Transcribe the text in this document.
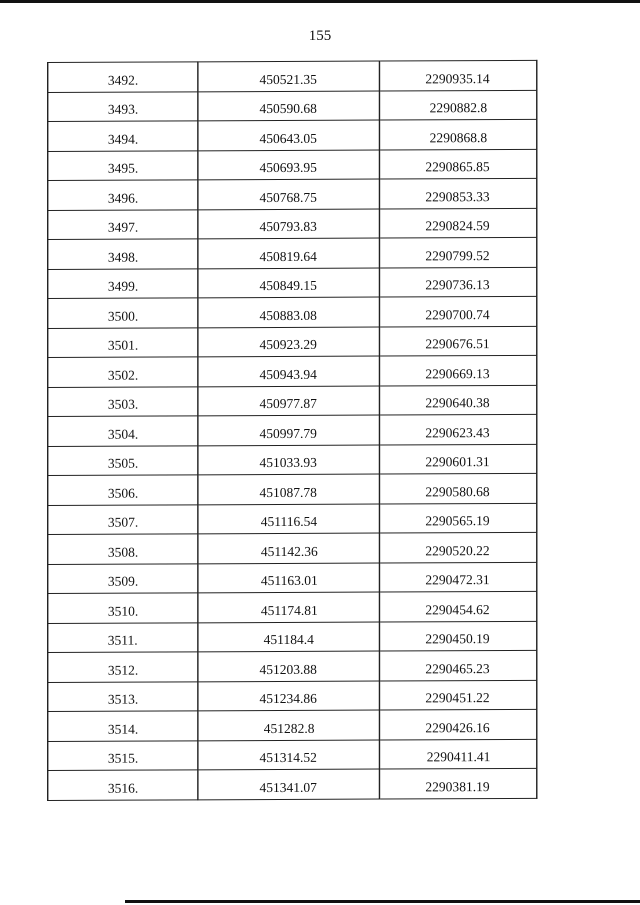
155
3492.	450521.35	2290935.14
3493.	450590.68	2290882.8
3494.	450643.05	2290868.8
3495.	450693.95	2290865.85
3496.	450768.75	2290853.33
3497.	450793.83	2290824.59
3498.	450819.64	2290799.52
3499.	450849.15	2290736.13
3500.	450883.08	2290700.74
3501.	450923.29	2290676.51
3502.	450943.94	2290669.13
3503.	450977.87	2290640.38
3504.	450997.79	2290623.43
3505.	451033.93	2290601.31
3506.	451087.78	2290580.68
3507.	451116.54	2290565.19
3508.	451142.36	2290520.22
3509.	451163.01	2290472.31
3510.	451174.81	2290454.62
3511.	451184.4	2290450.19
3512.	451203.88	2290465.23
3513.	451234.86	2290451.22
3514.	451282.8	2290426.16
3515.	451314.52	2290411.41
3516.	451341.07	2290381.19
